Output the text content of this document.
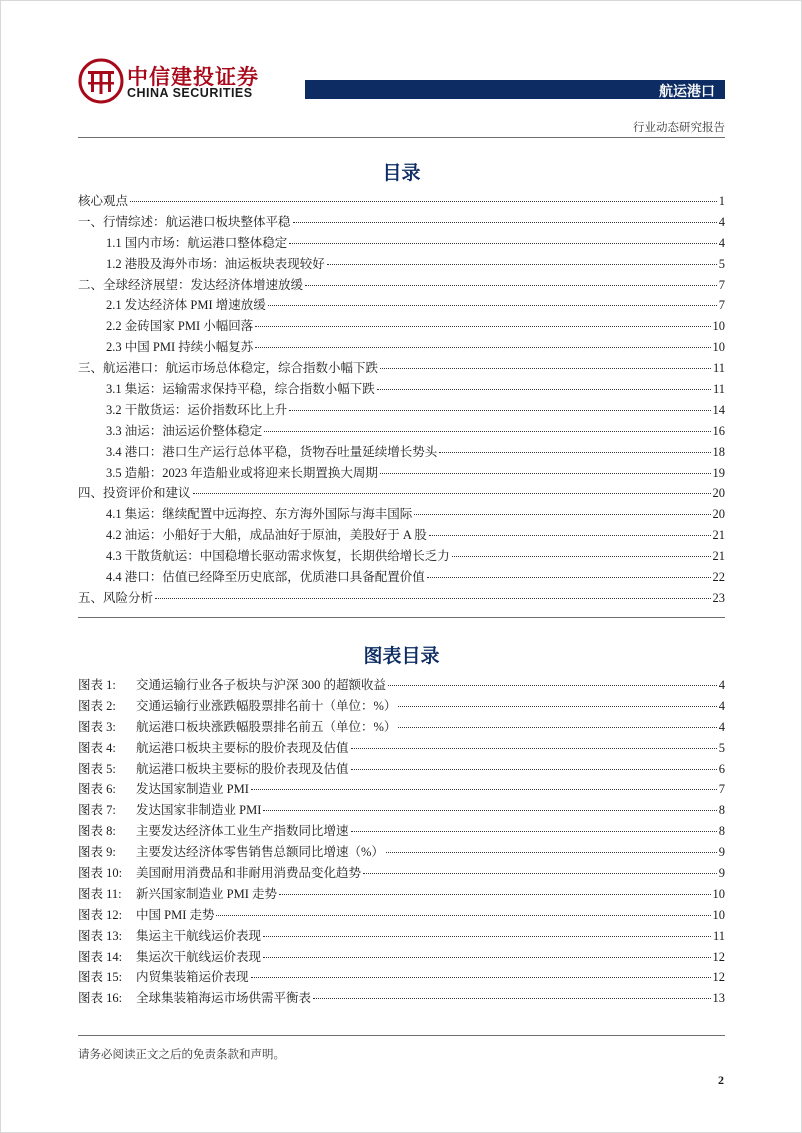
中信建投证券
CHINA SECURITIES	航运港口
行业动态研究报告
目录
核心观点	1
一、行情综述：航运港口板块整体平稳	4
1.1 国内市场：航运港口整体稳定	4
1.2 港股及海外市场：油运板块表现较好	5
二、全球经济展望：发达经济体增速放缓	7
2.1 发达经济体 PMI 增速放缓	7
2.2 金砖国家 PMI 小幅回落	10
2.3 中国 PMI 持续小幅复苏	10
三、航运港口：航运市场总体稳定，综合指数小幅下跌	11
3.1 集运：运输需求保持平稳，综合指数小幅下跌	11
3.2 干散货运：运价指数环比上升	14
3.3 油运：油运运价整体稳定	16
3.4 港口：港口生产运行总体平稳，货物吞吐量延续增长势头	18
3.5 造船：2023 年造船业或将迎来长期置换大周期	19
四、投资评价和建议	20
4.1 集运：继续配置中远海控、东方海外国际与海丰国际	20
4.2 油运：小船好于大船，成品油好于原油，美股好于 A 股	21
4.3 干散货航运：中国稳增长驱动需求恢复，长期供给增长乏力	21
4.4 港口：估值已经降至历史底部，优质港口具备配置价值	22
五、风险分析	23
图表目录
图表 1:	交通运输行业各子板块与沪深 300 的超额收益	4
图表 2:	交通运输行业涨跌幅股票排名前十（单位：%）	4
图表 3:	航运港口板块涨跌幅股票排名前五（单位：%）	4
图表 4:	航运港口板块主要标的股价表现及估值	5
图表 5:	航运港口板块主要标的股价表现及估值	6
图表 6:	发达国家制造业 PMI	7
图表 7:	发达国家非制造业 PMI	8
图表 8:	主要发达经济体工业生产指数同比增速	8
图表 9:	主要发达经济体零售销售总额同比增速（%）	9
图表 10:	美国耐用消费品和非耐用消费品变化趋势	9
图表 11:	新兴国家制造业 PMI 走势	10
图表 12:	中国 PMI 走势	10
图表 13:	集运主干航线运价表现	11
图表 14:	集运次干航线运价表现	12
图表 15:	内贸集装箱运价表现	12
图表 16:	全球集装箱海运市场供需平衡表	13
请务必阅读正文之后的免责条款和声明。
2
